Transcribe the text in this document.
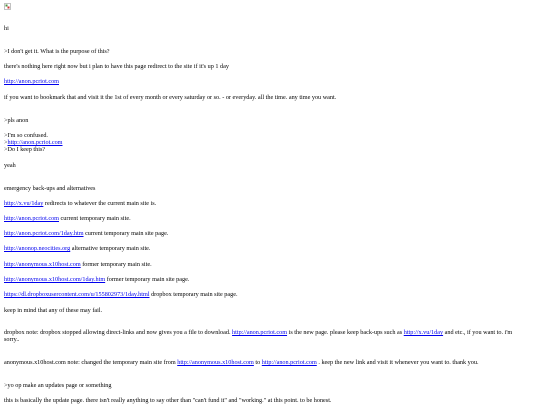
hi
>I don't get it. What is the purpose of this?
there's nothing here right now but i plan to have this page redirect to the site if it's up 1 day
http://anon.pcriot.com
if you want to bookmark that and visit it the 1st of every month or every saturday or so. - or everyday. all the time. any time you want.
>pls anon
>I'm so confused.
>http://anon.pcriot.com
>Do I keep this?
yeah
emergency back-ups and alternatives
http://x.vu/1day redirects to whatever the current main site is.
http://anon.pcriot.com current temporary main site.
http://anon.pcriot.com/1day.htm current temporary main site page.
http://anonop.neocities.org alternative temporary main site.
http://anonymous.x10host.com former temporary main site.
http://anonymous.x10host.com/1day.htm former temporary main site page.
https://dl.dropboxusercontent.com/u/155802973/1day.html dropbox temporary main site page.
keep in mind that any of these may fail.
dropbox note: dropbox stopped allowing direct-links and now gives you a file to download. http://anon.pcriot.com is the new page. please keep back-ups such as http://x.vu/1day and etc., if you want to. i'm sorry..
anonymous.x10host.com note: changed the temporary main site from http://anonymous.x10host.com to http://anon.pcriot.com . keep the new link and visit it whenever you want to. thank you.
>yo op make an updates page or something
this is basically the update page. there isn't really anything to say other than "can't fund it" and "working." at this point. to be honest.
